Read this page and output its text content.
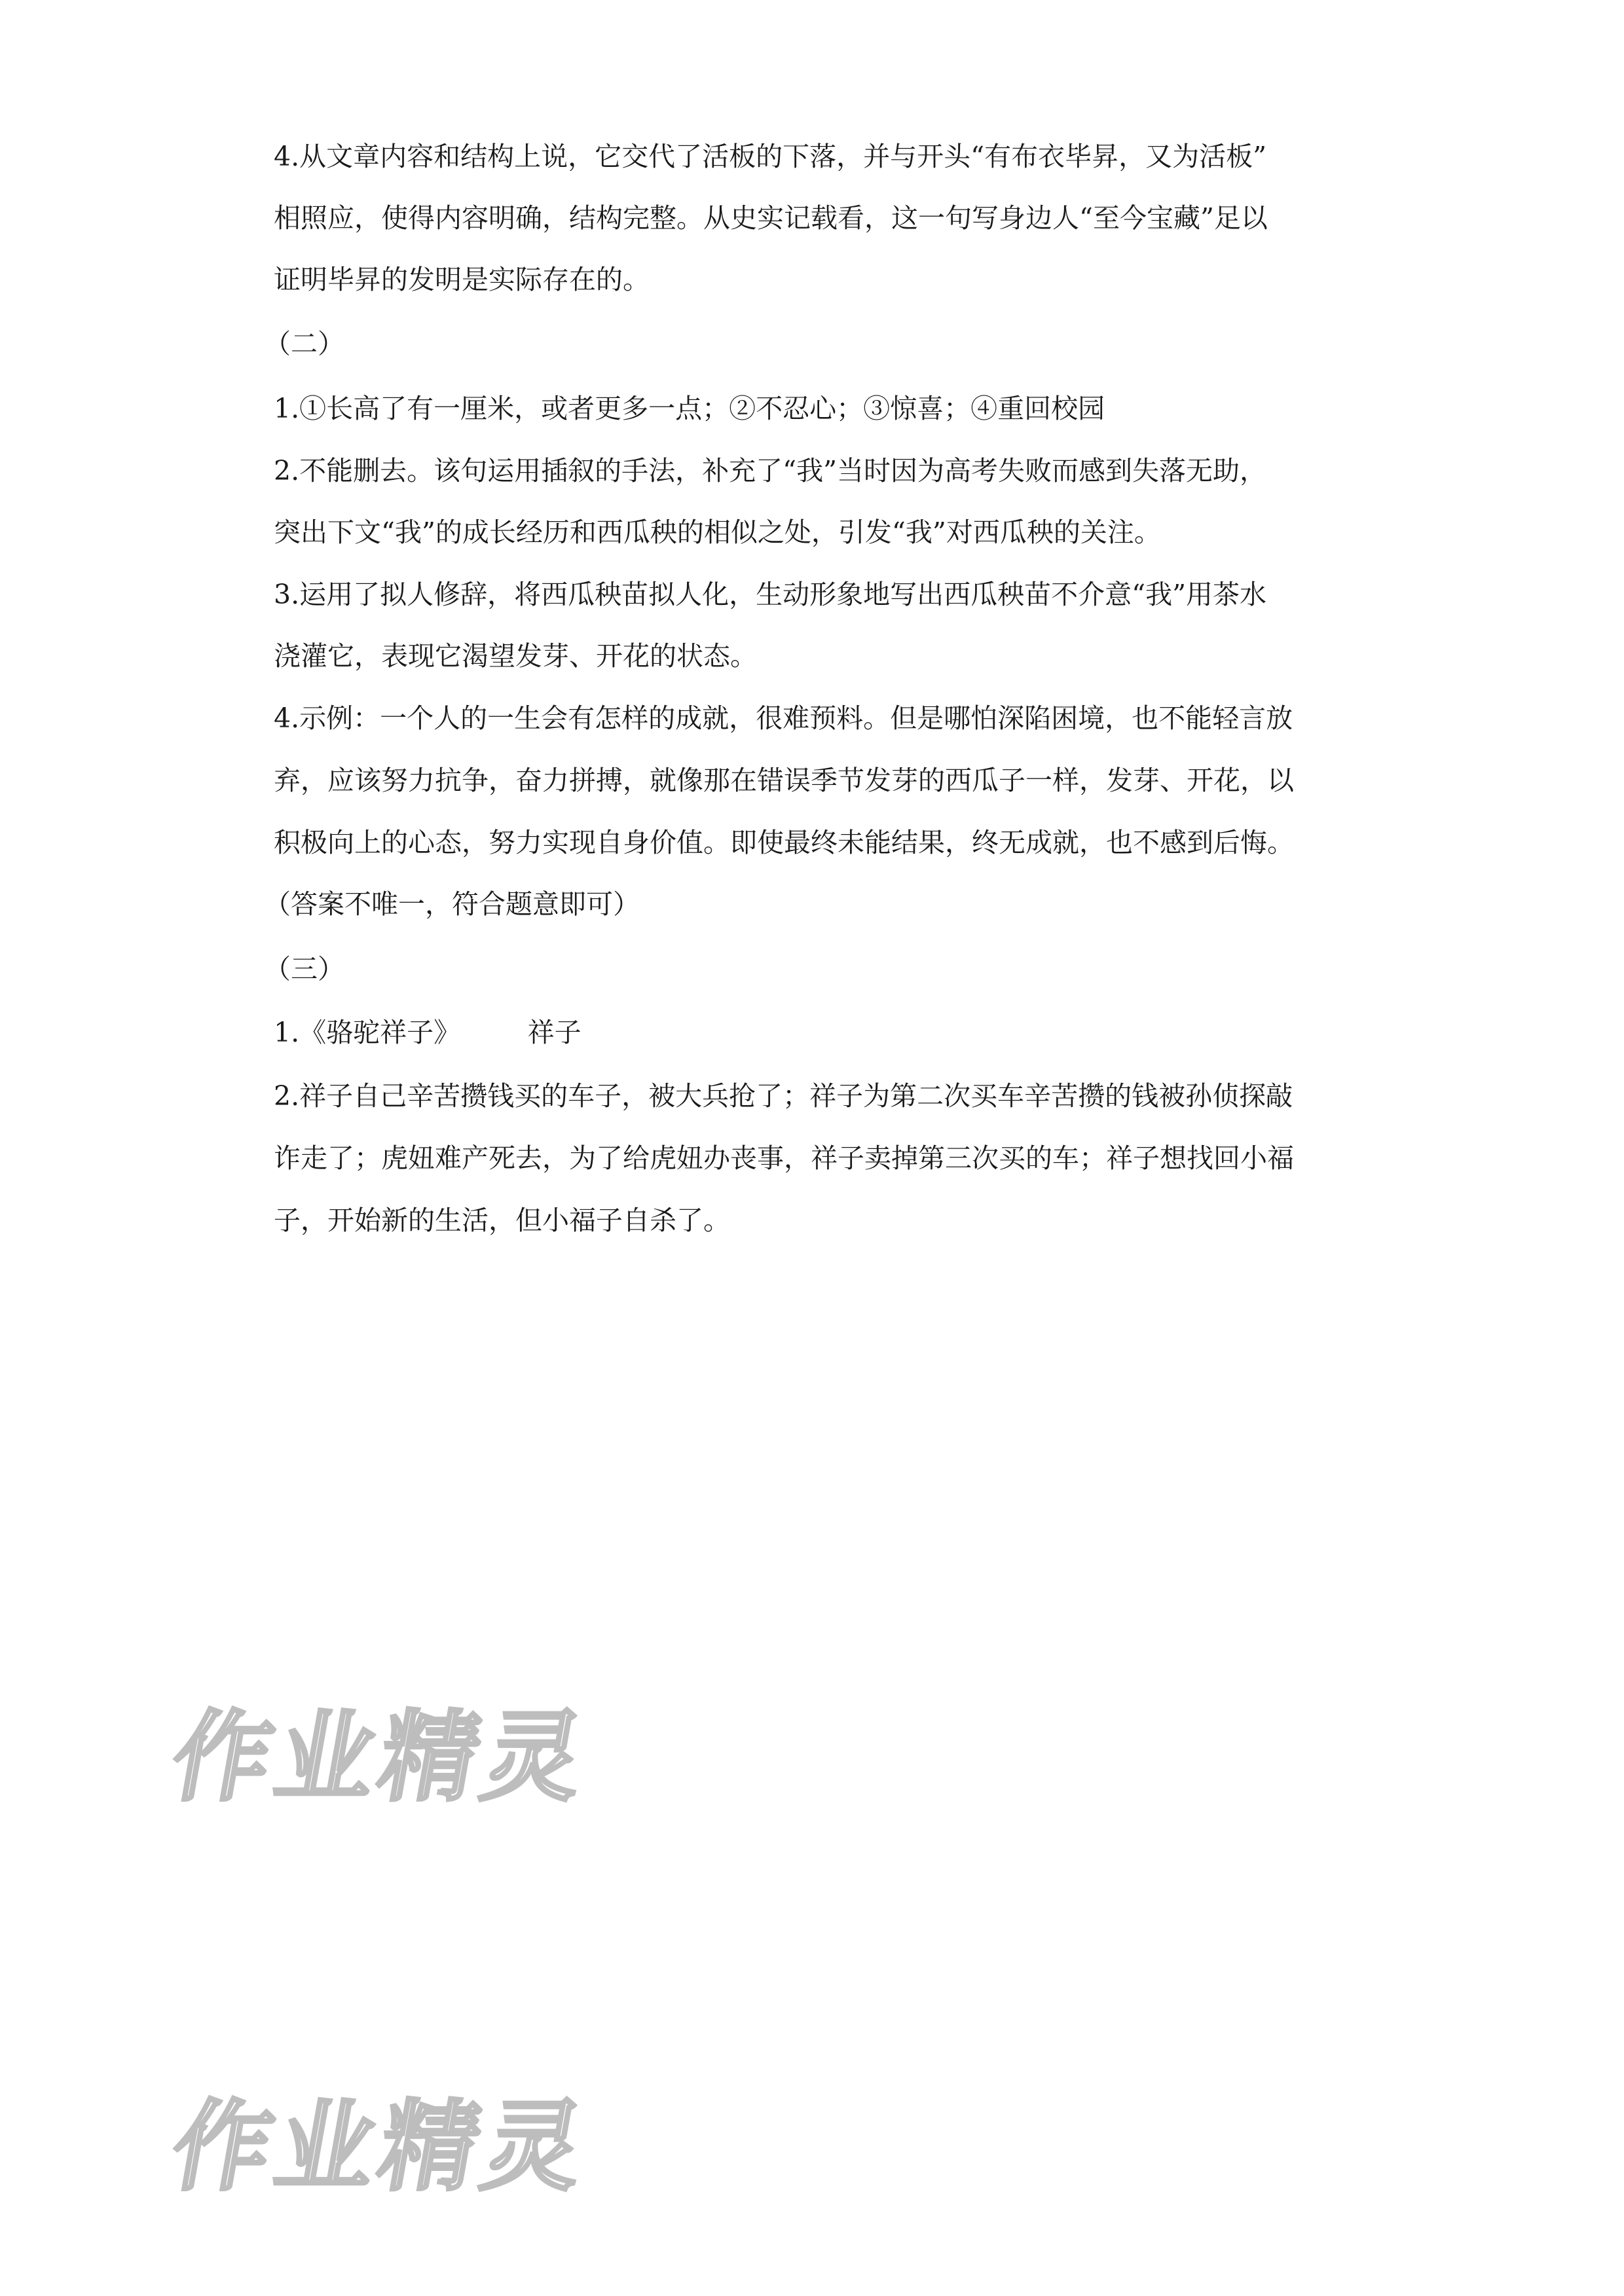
4.从文章内容和结构上说，它交代了活板的下落，并与开头“有布衣毕昇，又为活板”
相照应，使得内容明确，结构完整。从史实记载看，这一句写身边人“至今宝藏”足以
证明毕昇的发明是实际存在的。
（二）
1.①长高了有一厘米，或者更多一点；②不忍心；③惊喜；④重回校园
2.不能删去。该句运用插叙的手法，补充了“我”当时因为高考失败而感到失落无助，
突出下文“我”的成长经历和西瓜秧的相似之处，引发“我”对西瓜秧的关注。
3.运用了拟人修辞，将西瓜秧苗拟人化，生动形象地写出西瓜秧苗不介意“我”用茶水
浇灌它，表现它渴望发芽、开花的状态。
4.示例：一个人的一生会有怎样的成就，很难预料。但是哪怕深陷困境，也不能轻言放
弃，应该努力抗争，奋力拼搏，就像那在错误季节发芽的西瓜子一样，发芽、开花，以
积极向上的心态，努力实现自身价值。即使最终未能结果，终无成就，也不感到后悔。
（答案不唯一，符合题意即可）
（三）
1.《骆驼祥子》　　　祥子
2.祥子自己辛苦攒钱买的车子，被大兵抢了；祥子为第二次买车辛苦攒的钱被孙侦探敲
诈走了；虎妞难产死去，为了给虎妞办丧事，祥子卖掉第三次买的车；祥子想找回小福
子，开始新的生活，但小福子自杀了。
作业精灵
作业精灵
